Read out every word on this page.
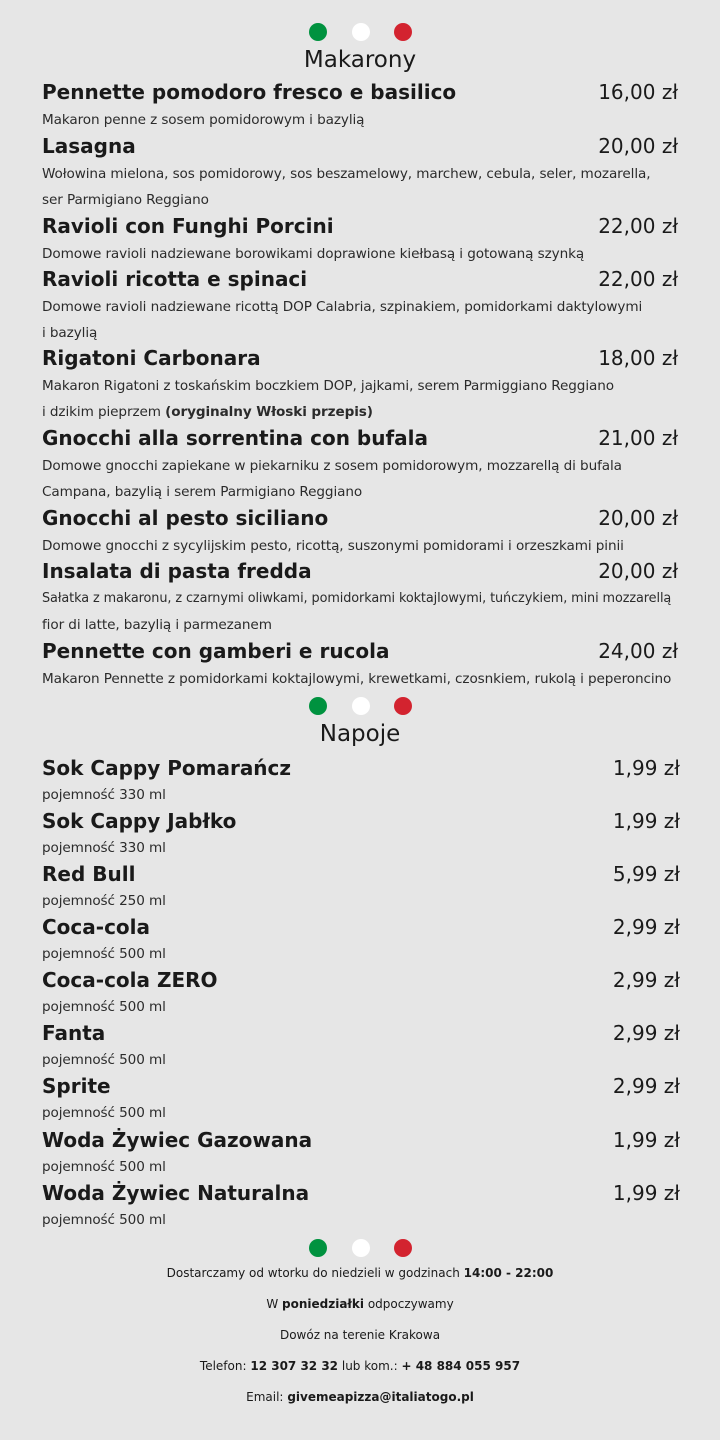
Makarony
Pennette pomodoro fresco e basilico	16,00 zł
Makaron penne z sosem pomidorowym i bazylią
Lasagna	20,00 zł
Wołowina mielona, sos pomidorowy, sos beszamelowy, marchew, cebula, seler, mozarella,
ser Parmigiano Reggiano
Ravioli con Funghi Porcini	22,00 zł
Domowe ravioli nadziewane borowikami doprawione kiełbasą i gotowaną szynką
Ravioli ricotta e spinaci	22,00 zł
Domowe ravioli nadziewane ricottą DOP Calabria, szpinakiem, pomidorkami daktylowymi
i bazylią
Rigatoni Carbonara	18,00 zł
Makaron Rigatoni z toskańskim boczkiem DOP, jajkami, serem Parmiggiano Reggiano
i dzikim pieprzem (oryginalny Włoski przepis)
Gnocchi alla sorrentina con bufala	21,00 zł
Domowe gnocchi zapiekane w piekarniku z sosem pomidorowym, mozzarellą di bufala
Campana, bazylią i serem Parmigiano Reggiano
Gnocchi al pesto siciliano	20,00 zł
Domowe gnocchi z sycylijskim pesto, ricottą, suszonymi pomidorami i orzeszkami pinii
Insalata di pasta fredda	20,00 zł
Sałatka z makaronu, z czarnymi oliwkami, pomidorkami koktajlowymi, tuńczykiem, mini mozzarellą
fior di latte, bazylią i parmezanem
Pennette con gamberi e rucola	24,00 zł
Makaron Pennette z pomidorkami koktajlowymi, krewetkami, czosnkiem, rukolą i peperoncino
Napoje
Sok Cappy Pomarańcz	1,99 zł
pojemność 330 ml
Sok Cappy Jabłko	1,99 zł
pojemność 330 ml
Red Bull	5,99 zł
pojemność 250 ml
Coca-cola	2,99 zł
pojemność 500 ml
Coca-cola ZERO	2,99 zł
pojemność 500 ml
Fanta	2,99 zł
pojemność 500 ml
Sprite	2,99 zł
pojemność 500 ml
Woda Żywiec Gazowana	1,99 zł
pojemność 500 ml
Woda Żywiec Naturalna	1,99 zł
pojemność 500 ml
Dostarczamy od wtorku do niedzieli w godzinach 14:00 - 22:00
W poniedziałki odpoczywamy
Dowóz na terenie Krakowa
Telefon: 12 307 32 32 lub kom.: + 48 884 055 957
Email: givemeapizza@italiatogo.pl
